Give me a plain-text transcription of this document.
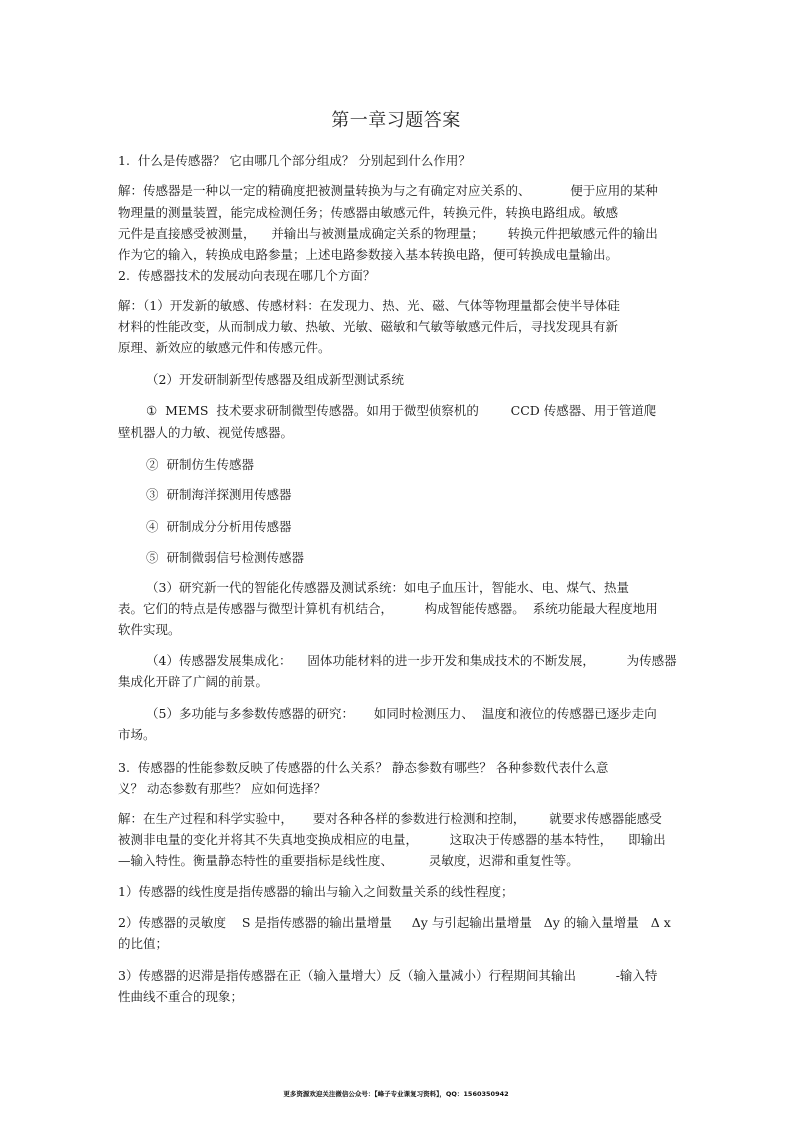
第一章习题答案
1.  什么是传感器？ 它由哪几个部分组成？ 分别起到什么作用？
解：传感器是一种以一定的精确度把被测量转换为与之有确定对应关系的、          便于应用的某种
物理量的测量装置，能完成检测任务；传感器由敏感元件，转换元件，转换电路组成。敏感
元件是直接感受被测量，    并输出与被测量成确定关系的物理量；      转换元件把敏感元件的输出
作为它的输入，转换成电路参量；上述电路参数接入基本转换电路，便可转换成电量输出。
2.  传感器技术的发展动向表现在哪几个方面？
解：（1）开发新的敏感、传感材料：在发现力、热、光、磁、气体等物理量都会使半导体硅
材料的性能改变，从而制成力敏、热敏、光敏、磁敏和气敏等敏感元件后，寻找发现具有新
原理、新效应的敏感元件和传感元件。
（2）开发研制新型传感器及组成新型测试系统
①  MEMS  技术要求研制微型传感器。如用于微型侦察机的        CCD 传感器、用于管道爬
壁机器人的力敏、视觉传感器。
②  研制仿生传感器
③  研制海洋探测用传感器
④  研制成分分析用传感器
⑤  研制微弱信号检测传感器
（3）研究新一代的智能化传感器及测试系统：如电子血压计，智能水、电、煤气、热量
表。它们的特点是传感器与微型计算机有机结合，        构成智能传感器。  系统功能最大程度地用
软件实现。
（4）传感器发展集成化：    固体功能材料的进一步开发和集成技术的不断发展，        为传感器
集成化开辟了广阔的前景。
（5）多功能与多参数传感器的研究：     如同时检测压力、  温度和液位的传感器已逐步走向
市场。
3.  传感器的性能参数反映了传感器的什么关系？ 静态参数有哪些？ 各种参数代表什么意
义？ 动态参数有那些？ 应如何选择？
解：在生产过程和科学实验中，     要对各种各样的参数进行检测和控制，      就要求传感器能感受
被测非电量的变化并将其不失真地变换成相应的电量，        这取决于传感器的基本特性，    即输出
—输入特性。衡量静态特性的重要指标是线性度、         灵敏度，迟滞和重复性等。
1）传感器的线性度是指传感器的输出与输入之间数量关系的线性程度；
2）传感器的灵敏度    S 是指传感器的输出量增量     Δy 与引起输出量增量   Δy 的输入量增量   Δ x
的比值；
3）传感器的迟滞是指传感器在正（输入量增大）反（输入量减小）行程期间其输出          -输入特
性曲线不重合的现象；
更多资源欢迎关注微信公众号：【峰子专业课复习资料】，QQ：1560350942
